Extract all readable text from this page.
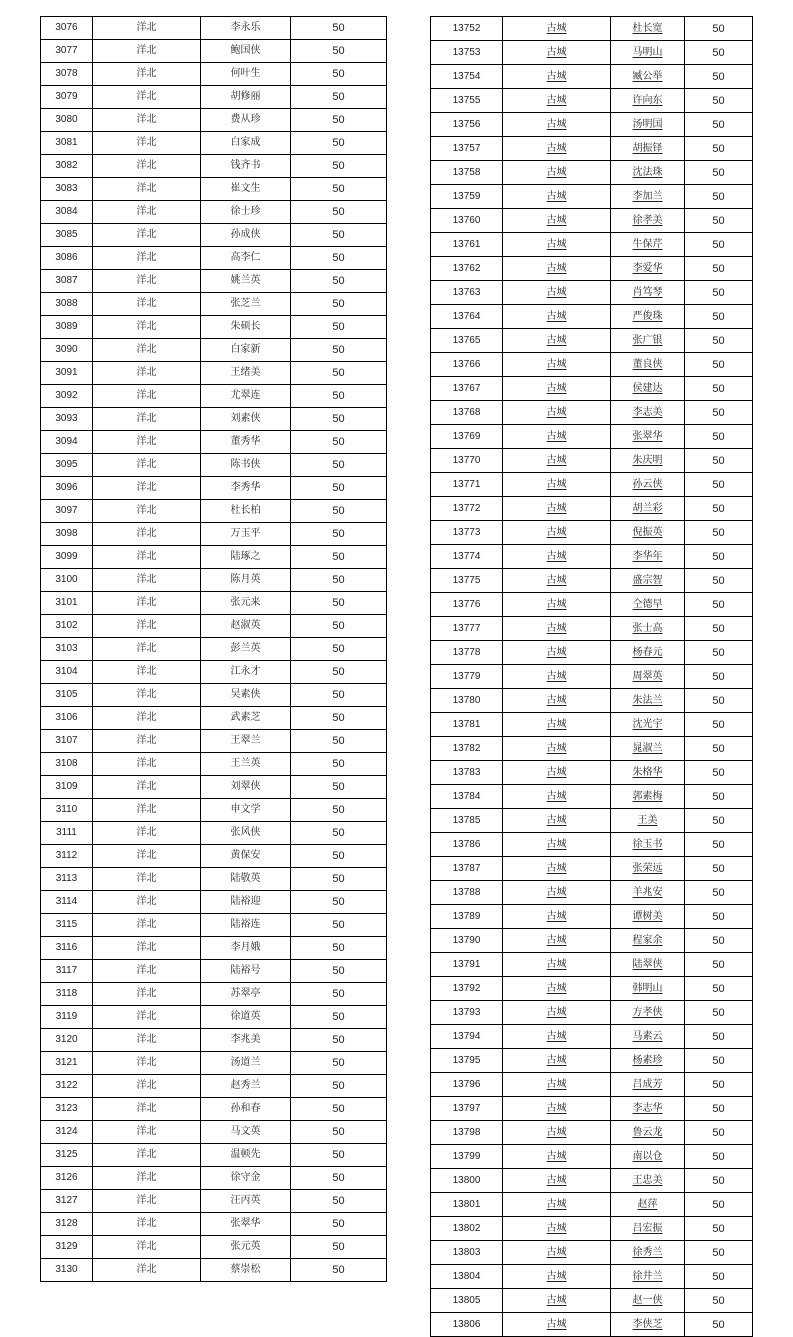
3076	洋北	李永乐	50
3077	洋北	鲍国侠	50
3078	洋北	何叶生	50
3079	洋北	胡修丽	50
3080	洋北	费从珍	50
3081	洋北	白家成	50
3082	洋北	钱齐书	50
3083	洋北	崔文生	50
3084	洋北	徐士珍	50
3085	洋北	孙成侠	50
3086	洋北	高李仁	50
3087	洋北	姚兰英	50
3088	洋北	张芝兰	50
3089	洋北	朱硕长	50
3090	洋北	白家新	50
3091	洋北	王绪美	50
3092	洋北	尤翠连	50
3093	洋北	刘素侠	50
3094	洋北	董秀华	50
3095	洋北	陈书侠	50
3096	洋北	李秀华	50
3097	洋北	杜长柏	50
3098	洋北	万玉平	50
3099	洋北	陆琢之	50
3100	洋北	陈月英	50
3101	洋北	张元来	50
3102	洋北	赵淑英	50
3103	洋北	彭兰英	50
3104	洋北	江永才	50
3105	洋北	吴素侠	50
3106	洋北	武素芝	50
3107	洋北	王翠兰	50
3108	洋北	王兰英	50
3109	洋北	刘翠侠	50
3110	洋北	申文学	50
3111	洋北	张风侠	50
3112	洋北	黄保安	50
3113	洋北	陆敬英	50
3114	洋北	陆裕迎	50
3115	洋北	陆裕连	50
3116	洋北	李月娥	50
3117	洋北	陆裕号	50
3118	洋北	苏翠亭	50
3119	洋北	徐道英	50
3120	洋北	李兆美	50
3121	洋北	汤道兰	50
3122	洋北	赵秀兰	50
3123	洋北	孙和春	50
3124	洋北	马文英	50
3125	洋北	温顿先	50
3126	洋北	徐守金	50
3127	洋北	汪丙英	50
3128	洋北	张翠华	50
3129	洋北	张元英	50
3130	洋北	蔡崇松	50
13752	古城	杜长宽	50
13753	古城	马明山	50
13754	古城	臧公举	50
13755	古城	许向东	50
13756	古城	汤明国	50
13757	古城	胡振铎	50
13758	古城	沈法珠	50
13759	古城	李加兰	50
13760	古城	徐孝美	50
13761	古城	牛保芹	50
13762	古城	李爱华	50
13763	古城	肖笃琴	50
13764	古城	严俊珠	50
13765	古城	张广银	50
13766	古城	董良侠	50
13767	古城	侯建达	50
13768	古城	李志美	50
13769	古城	张翠华	50
13770	古城	朱庆明	50
13771	古城	孙云侠	50
13772	古城	胡兰彩	50
13773	古城	倪振英	50
13774	古城	李华年	50
13775	古城	盛宗智	50
13776	古城	仝德早	50
13777	古城	张士高	50
13778	古城	杨春元	50
13779	古城	周翠英	50
13780	古城	朱法兰	50
13781	古城	沈光宇	50
13782	古城	晁淑兰	50
13783	古城	朱格华	50
13784	古城	郭素梅	50
13785	古城	王美	50
13786	古城	徐玉书	50
13787	古城	张荣远	50
13788	古城	羊兆安	50
13789	古城	谭树美	50
13790	古城	程家余	50
13791	古城	陆翠侠	50
13792	古城	韩明山	50
13793	古城	方孝侠	50
13794	古城	马素云	50
13795	古城	杨素珍	50
13796	古城	吕成芳	50
13797	古城	李志华	50
13798	古城	鲁云龙	50
13799	古城	南以仓	50
13800	古城	王忠美	50
13801	古城	赵萍	50
13802	古城	吕宏振	50
13803	古城	徐秀兰	50
13804	古城	徐井兰	50
13805	古城	赵一侠	50
13806	古城	李侠芝	50
